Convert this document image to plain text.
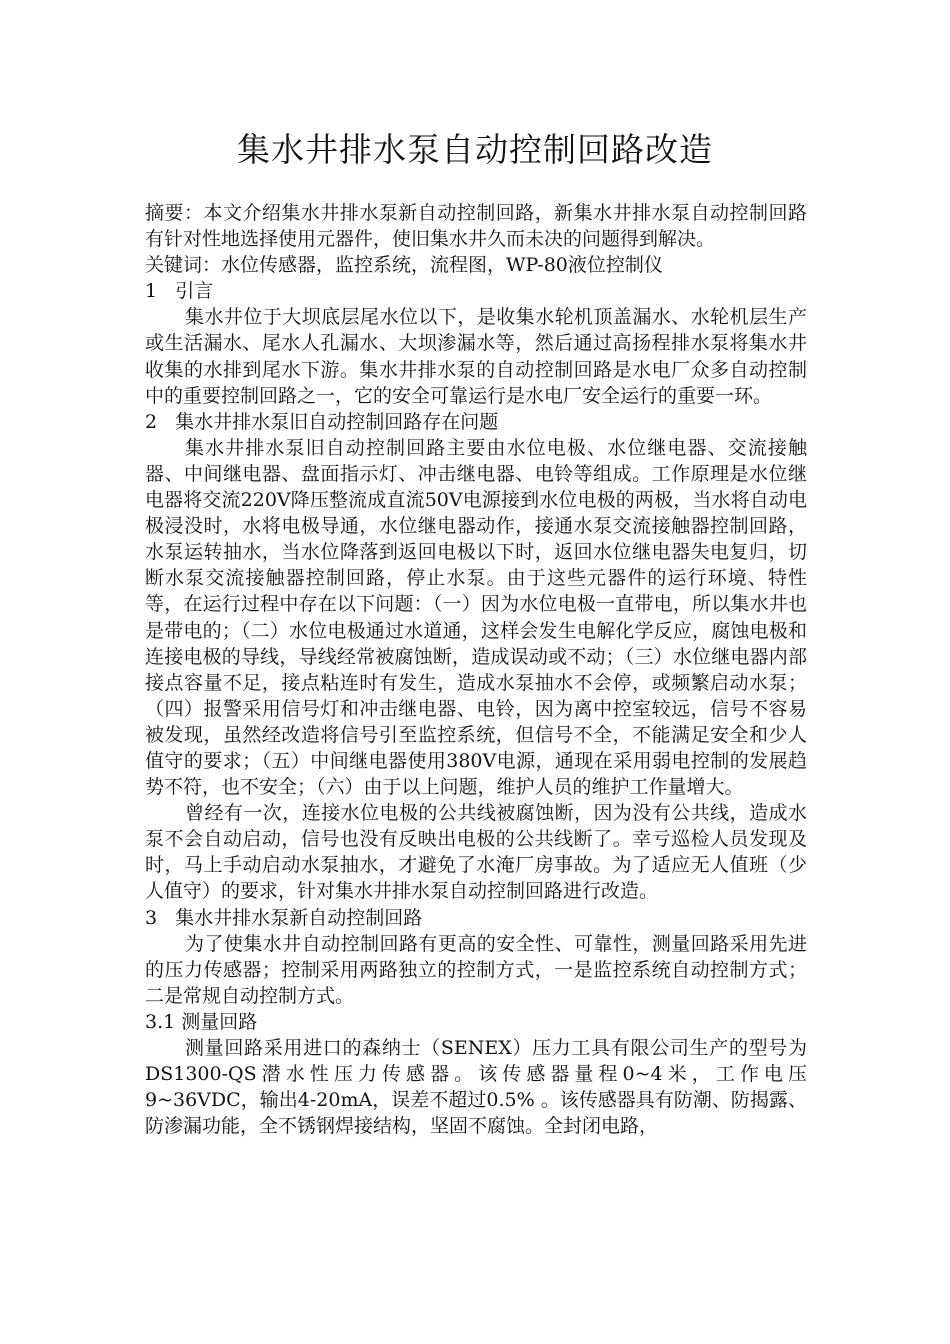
集水井排水泵自动控制回路改造

摘要：本文介绍集水井排水泵新自动控制回路，新集水井排水泵自动控制回路有针对性地选择使用元器件，使旧集水井久而未决的问题得到解决。

关键词：水位传感器，监控系统，流程图，WP-80液位控制仪

1   引言

集水井位于大坝底层尾水位以下，是收集水轮机顶盖漏水、水轮机层生产或生活漏水、尾水人孔漏水、大坝渗漏水等，然后通过高扬程排水泵将集水井收集的水排到尾水下游。集水井排水泵的自动控制回路是水电厂众多自动控制中的重要控制回路之一，它的安全可靠运行是水电厂安全运行的重要一环。

2   集水井排水泵旧自动控制回路存在问题

集水井排水泵旧自动控制回路主要由水位电极、水位继电器、交流接触器、中间继电器、盘面指示灯、冲击继电器、电铃等组成。工作原理是水位继电器将交流220V降压整流成直流50V电源接到水位电极的两极，当水将自动电极浸没时，水将电极导通，水位继电器动作，接通水泵交流接触器控制回路，水泵运转抽水，当水位降落到返回电极以下时，返回水位继电器失电复归，切断水泵交流接触器控制回路，停止水泵。由于这些元器件的运行环境、特性等，在运行过程中存在以下问题：（一）因为水位电极一直带电，所以集水井也是带电的；（二）水位电极通过水道通，这样会发生电解化学反应，腐蚀电极和连接电极的导线，导线经常被腐蚀断，造成误动或不动；（三）水位继电器内部接点容量不足，接点粘连时有发生，造成水泵抽水不会停，或频繁启动水泵；（四）报警采用信号灯和冲击继电器、电铃，因为离中控室较远，信号不容易被发现，虽然经改造将信号引至监控系统，但信号不全，不能满足安全和少人值守的要求；（五）中间继电器使用380V电源，通现在采用弱电控制的发展趋势不符，也不安全；（六）由于以上问题，维护人员的维护工作量增大。

曾经有一次，连接水位电极的公共线被腐蚀断，因为没有公共线，造成水泵不会自动启动，信号也没有反映出电极的公共线断了。幸亏巡检人员发现及时，马上手动启动水泵抽水，才避免了水淹厂房事故。为了适应无人值班（少人值守）的要求，针对集水井排水泵自动控制回路进行改造。

3   集水井排水泵新自动控制回路

为了使集水井自动控制回路有更高的安全性、可靠性，测量回路采用先进的压力传感器；控制采用两路独立的控制方式，一是监控系统自动控制方式；二是常规自动控制方式。

3.1 测量回路

测量回路采用进口的森纳士（SENEX）压力工具有限公司生产的型号为DS1300-QS潜水性压力传感器。该传感器量程0~4米，工作电压9~36VDC，输出4-20mA，误差不超过0.5% 。该传感器具有防潮、防揭露、防渗漏功能，全不锈钢焊接结构，坚固不腐蚀。全封闭电路，
